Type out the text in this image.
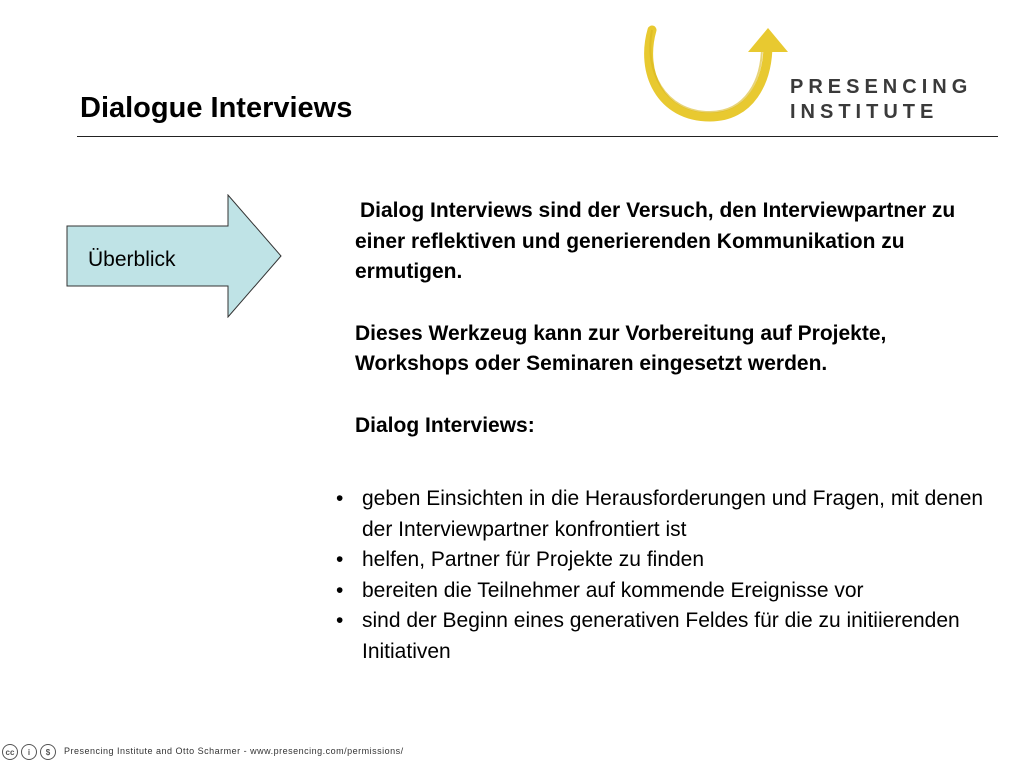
Dialogue Interviews
PRESENCING
INSTITUTE
Überblick

Dialog Interviews sind der Versuch, den Interviewpartner zu einer reflektiven und generierenden Kommunikation zu ermutigen.

Dieses Werkzeug kann zur Vorbereitung auf Projekte, Workshops oder Seminaren eingesetzt werden.

Dialog Interviews:

• geben Einsichten in die Herausforderungen und Fragen, mit denen der Interviewpartner konfrontiert ist
• helfen, Partner für Projekte zu finden
• bereiten die Teilnehmer auf kommende Ereignisse vor
• sind der Beginn eines generativen Feldes für die zu initiierenden Initiativen
cc	i	$	Presencing Institute and Otto Scharmer - www.presencing.com/permissions/
